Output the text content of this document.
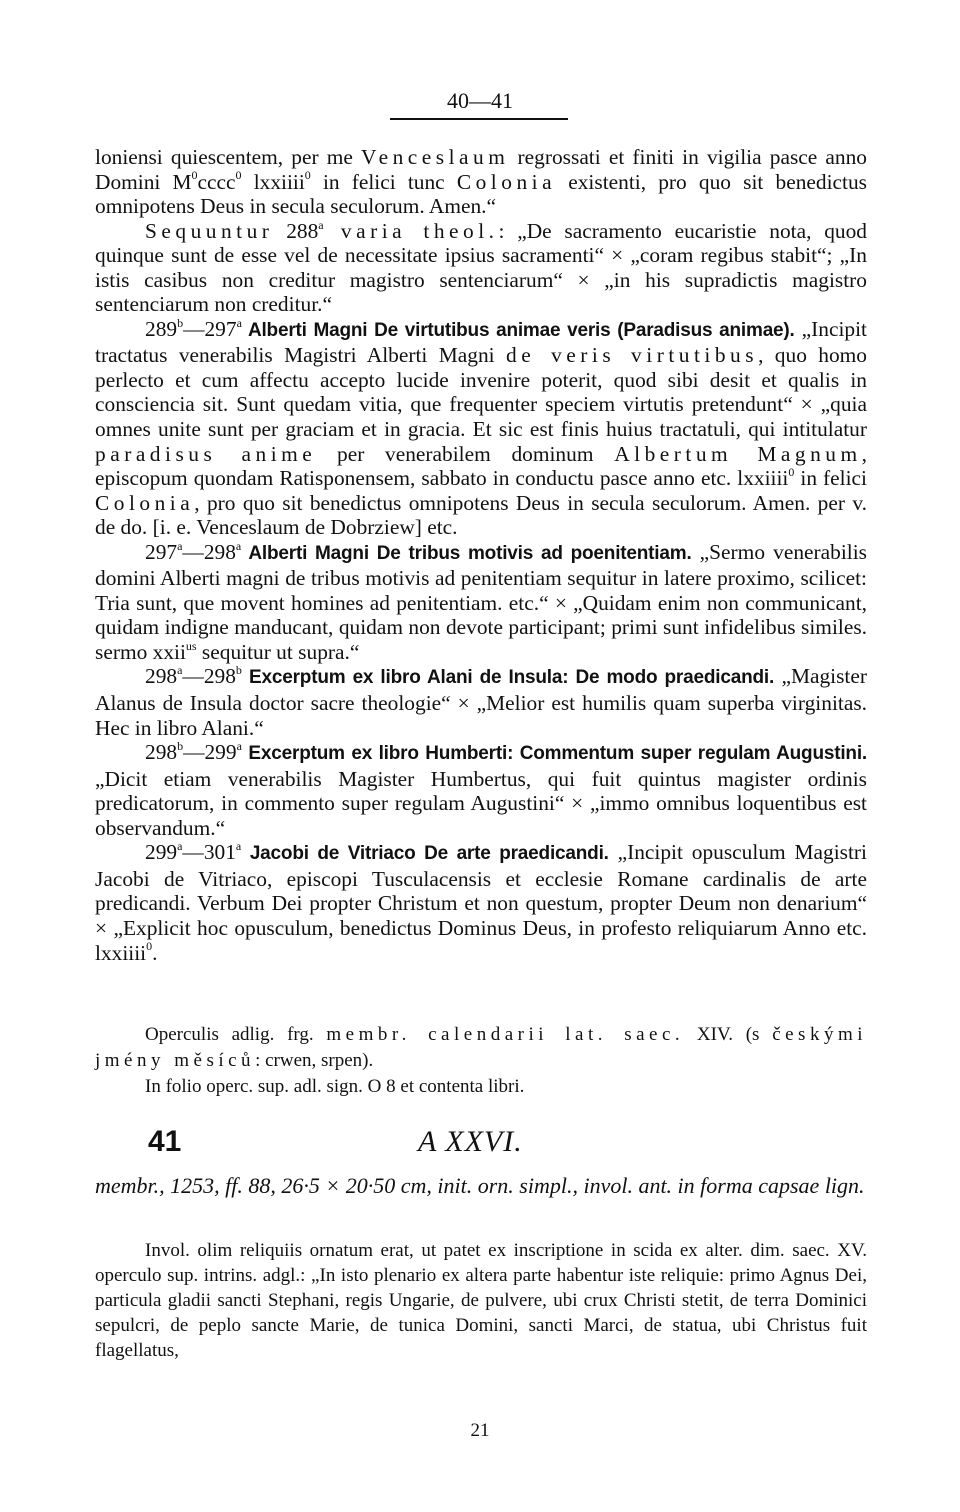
40—41

loniensi quiescentem, per me Venceslaum regrossati et finiti in vigilia pasce anno Domini $M^0cccc^0$ lxxiiii$^0$ in felici tunc Colonia existenti, pro quo sit benedictus omnipotens Deus in secula seculorum. Amen.“

Sequuntur 288$^a$ varia theol.: „De sacramento eucaristie nota, quod quinque sunt de esse vel de necessitate ipsius sacramenti“ × „coram regibus stabit“; „In istis casibus non creditur magistro sentenciarum“ × „in his supradictis magistro sentenciarum non creditur.“

289$^b$—297$^a$ Alberti Magni De virtutibus animae veris (Paradisus animae). „Incipit tractatus venerabilis Magistri Alberti Magni de veris virtutibus, quo homo perlecto et cum affectu accepto lucide invenire poterit, quod sibi desit et qualis in consciencia sit. Sunt quedam vitia, que frequenter speciem virtutis pretendunt“ × „quia omnes unite sunt per graciam et in gracia. Et sic est finis huius tractatuli, qui intitulatur paradisus anime per venerabilem dominum Albertum Magnum, episcopum quondam Ratisponensem, sabbato in conductu pasce anno etc. lxxiiii$^0$ in felici Colonia, pro quo sit benedictus omnipotens Deus in secula seculorum. Amen. per v. de do. [i. e. Venceslaum de Dobrziew] etc.

297$^a$—298$^a$ Alberti Magni De tribus motivis ad poenitentiam. „Sermo venerabilis domini Alberti magni de tribus motivis ad penitentiam sequitur in latere proximo, scilicet: Tria sunt, que movent homines ad penitentiam. etc.“ × „Quidam enim non communicant, quidam indigne manducant, quidam non devote participant; primi sunt infidelibus similes. sermo xxii$^{us}$ sequitur ut supra.“

298$^a$—298$^b$ Excerptum ex libro Alani de Insula: De modo praedicandi. „Magister Alanus de Insula doctor sacre theologie“ × „Melior est humilis quam superba virginitas. Hec in libro Alani.“

298$^b$—299$^a$ Excerptum ex libro Humberti: Commentum super regulam Augustini. „Dicit etiam venerabilis Magister Humbertus, qui fuit quintus magister ordinis predicatorum, in commento super regulam Augustini“ × „immo omnibus loquentibus est observandum.“

299$^a$—301$^a$ Jacobi de Vitriaco De arte praedicandi. „Incipit opusculum Magistri Jacobi de Vitriaco, episcopi Tusculacensis et ecclesie Romane cardinalis de arte predicandi. Verbum Dei propter Christum et non questum, propter Deum non denarium“ × „Explicit hoc opusculum, benedictus Dominus Deus, in profesto reliquiarum Anno etc. lxxiiii$^0$.

Operculis adlig. frg. membr. calendarii lat. saec. XIV. (s českými jmény měsíců: crwen, srpen).

In folio operc. sup. adl. sign. O 8 et contenta libri.

41	A XXVI.

membr., 1253, ff. 88, 26·5 × 20·50 cm, init. orn. simpl., invol. ant. in forma capsae lign.

Invol. olim reliquiis ornatum erat, ut patet ex inscriptione in scida ex alter. dim. saec. XV. operculo sup. intrins. adgl.: „In isto plenario ex altera parte habentur iste reliquie: primo Agnus Dei, particula gladii sancti Stephani, regis Ungarie, de pulvere, ubi crux Christi stetit, de terra Dominici sepulcri, de peplo sancte Marie, de tunica Domini, sancti Marci, de statua, ubi Christus fuit flagellatus,

21
